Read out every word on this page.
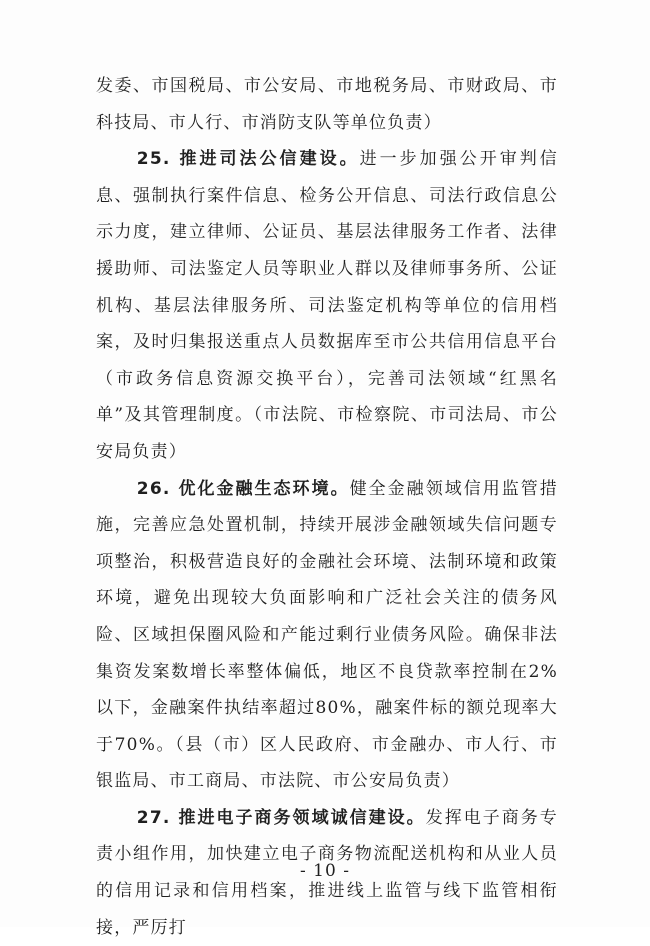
发委、市国税局、市公安局、市地税务局、市财政局、市科技局、市人行、市消防支队等单位负责）

25. 推进司法公信建设。进一步加强公开审判信息、强制执行案件信息、检务公开信息、司法行政信息公示力度，建立律师、公证员、基层法律服务工作者、法律援助师、司法鉴定人员等职业人群以及律师事务所、公证机构、基层法律服务所、司法鉴定机构等单位的信用档案，及时归集报送重点人员数据库至市公共信用信息平台（市政务信息资源交换平台），完善司法领域“红黑名单”及其管理制度。（市法院、市检察院、市司法局、市公安局负责）

26. 优化金融生态环境。健全金融领域信用监管措施，完善应急处置机制，持续开展涉金融领域失信问题专项整治，积极营造良好的金融社会环境、法制环境和政策环境，避免出现较大负面影响和广泛社会关注的债务风险、区域担保圈风险和产能过剩行业债务风险。确保非法集资发案数增长率整体偏低，地区不良贷款率控制在2%以下，金融案件执结率超过80%，融案件标的额兑现率大于70%。（县（市）区人民政府、市金融办、市人行、市银监局、市工商局、市法院、市公安局负责）

27. 推进电子商务领域诚信建设。发挥电子商务专责小组作用，加快建立电子商务物流配送机构和从业人员的信用记录和信用档案，推进线上监管与线下监管相衔接，严厉打

- 10 -
